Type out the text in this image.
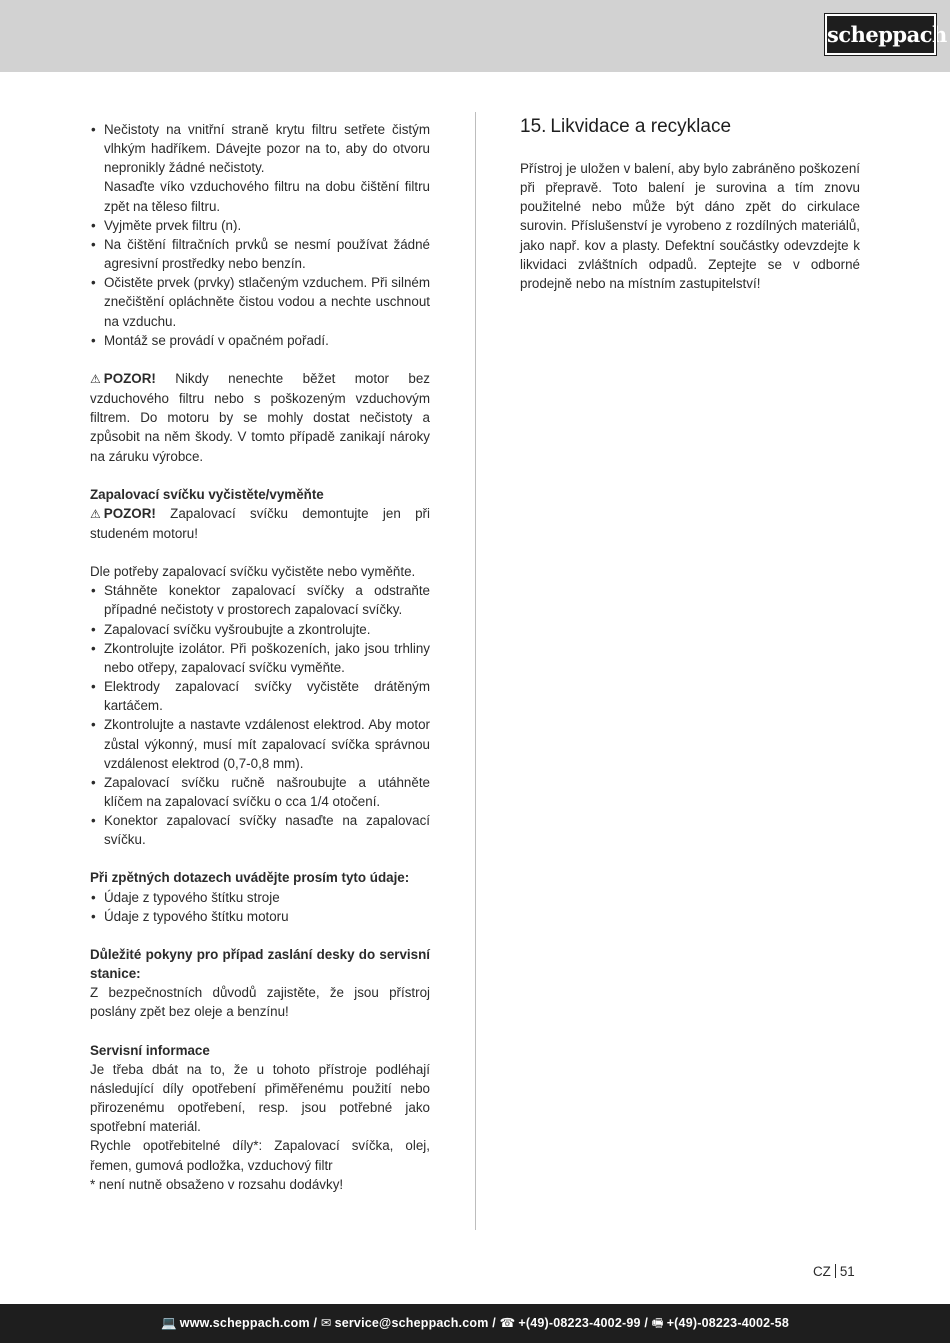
scheppach
• Nečistoty na vnitřní straně krytu filtru setřete čistým vlhkým hadříkem. Dávejte pozor na to, aby do otvoru nepronikly žádné nečistoty.

Nasaďte víko vzduchového filtru na dobu čištění filtru zpět na těleso filtru.

• Vyjměte prvek filtru (n).
• Na čištění filtračních prvků se nesmí používat žádné agresivní prostředky nebo benzín.
• Očistěte prvek (prvky) stlačeným vzduchem. Při silném znečištění opláchněte čistou vodou a nechte uschnout na vzduchu.
• Montáž se provádí v opačném pořadí.

⚠ POZOR! Nikdy nenechte běžet motor bez vzduchového filtru nebo s poškozeným vzduchovým filtrem. Do motoru by se mohly dostat nečistoty a způsobit na něm škody. V tomto případě zanikají nároky na záruku výrobce.

Zapalovací svíčku vyčistěte/vyměňte

⚠ POZOR! Zapalovací svíčku demontujte jen při studeném motoru!

Dle potřeby zapalovací svíčku vyčistěte nebo vyměňte.

• Stáhněte konektor zapalovací svíčky a odstraňte případné nečistoty v prostorech zapalovací svíčky.
• Zapalovací svíčku vyšroubujte a zkontrolujte.
• Zkontrolujte izolátor. Při poškozeních, jako jsou trhliny nebo otřepy, zapalovací svíčku vyměňte.
• Elektrody zapalovací svíčky vyčistěte drátěným kartáčem.
• Zkontrolujte a nastavte vzdálenost elektrod. Aby motor zůstal výkonný, musí mít zapalovací svíčka správnou vzdálenost elektrod (0,7-0,8 mm).
• Zapalovací svíčku ručně našroubujte a utáhněte klíčem na zapalovací svíčku o cca 1/4 otočení.
• Konektor zapalovací svíčky nasaďte na zapalovací svíčku.

Při zpětných dotazech uvádějte prosím tyto údaje:

• Údaje z typového štítku stroje
• Údaje z typového štítku motoru

Důležité pokyny pro případ zaslání desky do servisní stanice:

Z bezpečnostních důvodů zajistěte, že jsou přístroj poslány zpět bez oleje a benzínu!

Servisní informace

Je třeba dbát na to, že u tohoto přístroje podléhají následující díly opotřebení přiměřenému použití nebo přirozenému opotřebení, resp. jsou potřebné jako spotřební materiál.

Rychle opotřebitelné díly*: Zapalovací svíčka, olej, řemen, gumová podložka, vzduchový filtr

* není nutně obsaženo v rozsahu dodávky!

15. Likvidace a recyklace

Přístroj je uložen v balení, aby bylo zabráněno poškození při přepravě. Toto balení je surovina a tím znovu použitelné nebo může být dáno zpět do cirkulace surovin. Příslušenství je vyrobeno z rozdílných materiálů, jako např. kov a plasty. Defektní součástky odevzdejte k likvidaci zvláštních odpadů. Zeptejte se v odborné prodejně nebo na místním zastupitelství!

CZ 51
💻 www.scheppach.com / ✉ service@scheppach.com / ☎ +(49)-08223-4002-99 / 🖷 +(49)-08223-4002-58
